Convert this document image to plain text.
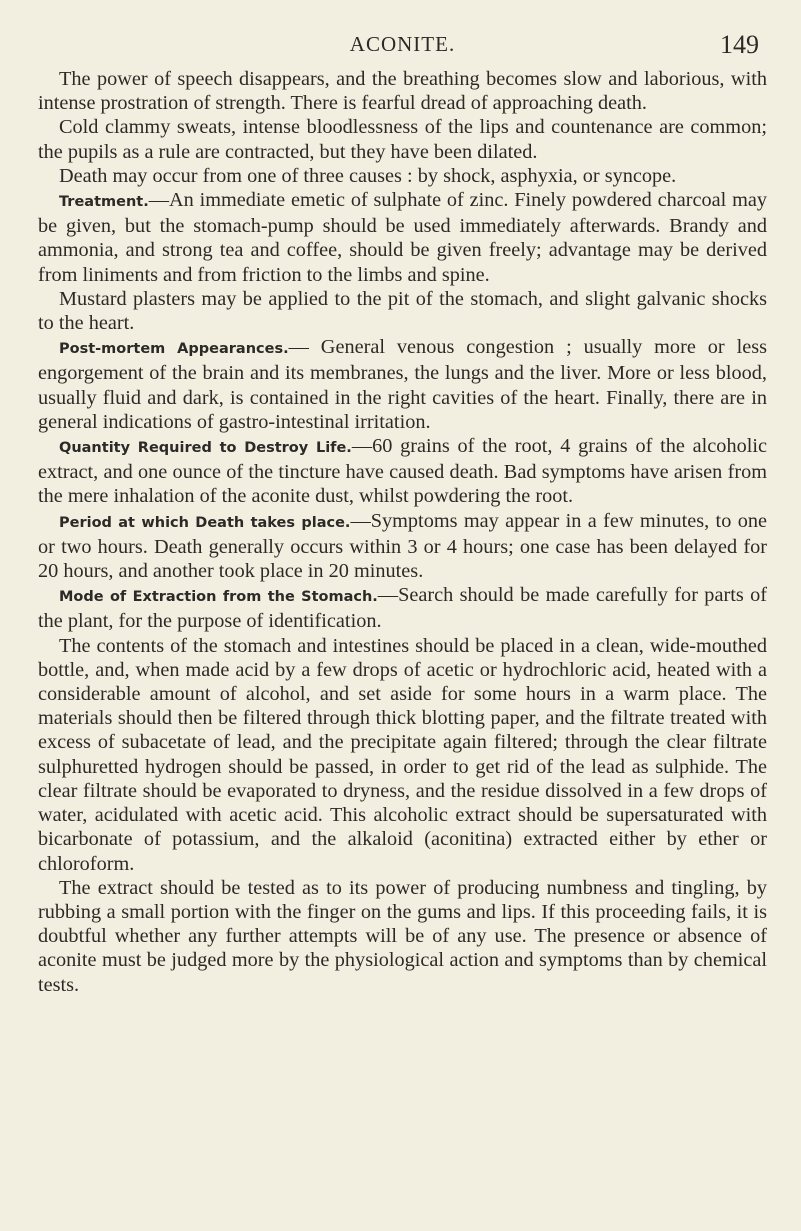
ACONITE.	149

The power of speech disappears, and the breathing becomes slow and laborious, with intense prostration of strength. There is fearful dread of approaching death.

Cold clammy sweats, intense bloodlessness of the lips and countenance are common; the pupils as a rule are contracted, but they have been dilated.

Death may occur from one of three causes : by shock, asphyxia, or syncope.

Treatment.—An immediate emetic of sulphate of zinc. Finely powdered charcoal may be given, but the stomach-pump should be used immediately afterwards. Brandy and ammonia, and strong tea and coffee, should be given freely; advantage may be derived from liniments and from friction to the limbs and spine.

Mustard plasters may be applied to the pit of the stomach, and slight galvanic shocks to the heart.

Post-mortem Appearances.— General venous congestion ; usually more or less engorgement of the brain and its membranes, the lungs and the liver. More or less blood, usually fluid and dark, is contained in the right cavities of the heart. Finally, there are in general indications of gastro-intestinal irritation.

Quantity Required to Destroy Life.—60 grains of the root, 4 grains of the alcoholic extract, and one ounce of the tincture have caused death. Bad symptoms have arisen from the mere inhalation of the aconite dust, whilst powdering the root.

Period at which Death takes place.—Symptoms may appear in a few minutes, to one or two hours. Death generally occurs within 3 or 4 hours; one case has been delayed for 20 hours, and another took place in 20 minutes.

Mode of Extraction from the Stomach.—Search should be made carefully for parts of the plant, for the purpose of identification.

The contents of the stomach and intestines should be placed in a clean, wide-mouthed bottle, and, when made acid by a few drops of acetic or hydrochloric acid, heated with a considerable amount of alcohol, and set aside for some hours in a warm place. The materials should then be filtered through thick blotting paper, and the filtrate treated with excess of subacetate of lead, and the precipitate again filtered; through the clear filtrate sulphuretted hydrogen should be passed, in order to get rid of the lead as sulphide. The clear filtrate should be evaporated to dryness, and the residue dissolved in a few drops of water, acidulated with acetic acid. This alcoholic extract should be supersaturated with bicarbonate of potassium, and the alkaloid (aconitina) extracted either by ether or chloroform.

The extract should be tested as to its power of producing numbness and tingling, by rubbing a small portion with the finger on the gums and lips. If this proceeding fails, it is doubtful whether any further attempts will be of any use. The presence or absence of aconite must be judged more by the physiological action and symptoms than by chemical tests.
